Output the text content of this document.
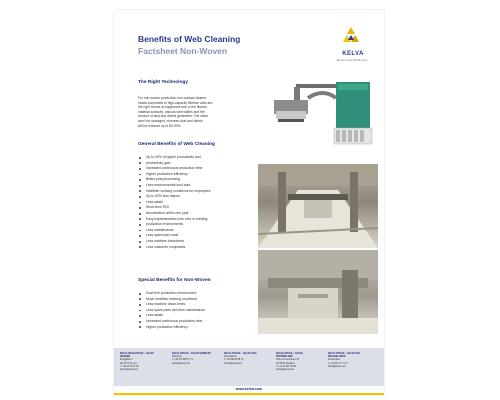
Benefits of Web Cleaning
Factsheet Non-Woven	KELVA
Member of the KELVA Group
The Right Technology
For non-woven production non-contact cleaner
heads connected to high-capacity filtertan units are
the right choice of equipment due to the fibrous
material surfaces, various web widths and the
amount of dust and debris generated. The webs
won't be damaged, whereas dust and debris
will be reduced up to 80-90%.
General Benefits of Web Cleaning
Up to 40% of higher productivity and
productivity gain
Increased continuous production time
Higher production efficiency
Better post-processing
Less environmental dust load
Healthier working conditions for employees
Up to 50% less rejects
Less waste
Short-term ROI
Amortization within one year
Easy implementation into new or existing
production environments
Less maintenance
Less spare part costs
Less machine downtimes
Less customer complaints
Special Benefits for Non-Woven
Dust-free production environment
Much healthier working conditions
Less machine down-times
Less spare parts and less maintenance
Less waste
Increased continuous production time
Higher production efficiency
KELVA HEAD OFFICE – SALES SWEDEN
Bruggatan 3
SE-237 38 Lund
T +46 46 16 07 00
kelva@kelva.com
KELVA OFFICE – SALES GERMANY
Hamburg
T +49 171 868 07 71
kelva@kelva.com
KELVA OFFICE – SALES ASIA
Ahmedabad
T +91 899 8738 74
kelva@kelva.com
KELVA OFFICE – SALES SWITZERLAND
Hohe Furrerstrasse 33
CH-8222 Dietlikon
T +41 44 801 50 90
kelva@kelva.com
KELVA OFFICE – SALES THE NETHERLANDS
Amsterdam
T +31 637 07 71 77
kelva@kelva.com
www.kelva.com
